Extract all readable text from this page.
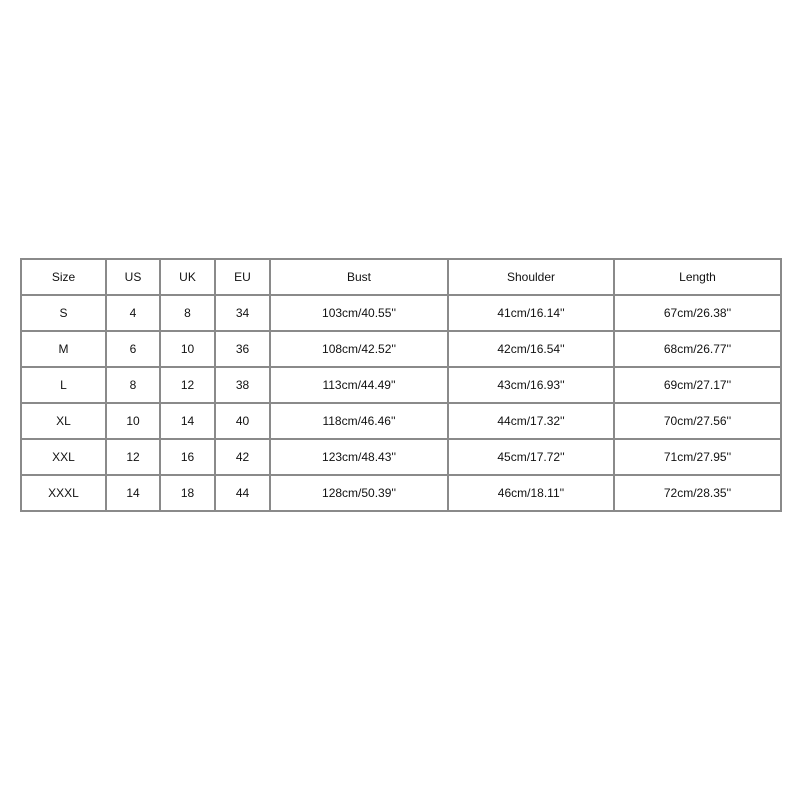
Size	US	UK	EU	Bust	Shoulder	Length
S	4	8	34	103cm/40.55''	41cm/16.14''	67cm/26.38''
M	6	10	36	108cm/42.52''	42cm/16.54''	68cm/26.77''
L	8	12	38	113cm/44.49''	43cm/16.93''	69cm/27.17''
XL	10	14	40	118cm/46.46''	44cm/17.32''	70cm/27.56''
XXL	12	16	42	123cm/48.43''	45cm/17.72''	71cm/27.95''
XXXL	14	18	44	128cm/50.39''	46cm/18.11''	72cm/28.35''
